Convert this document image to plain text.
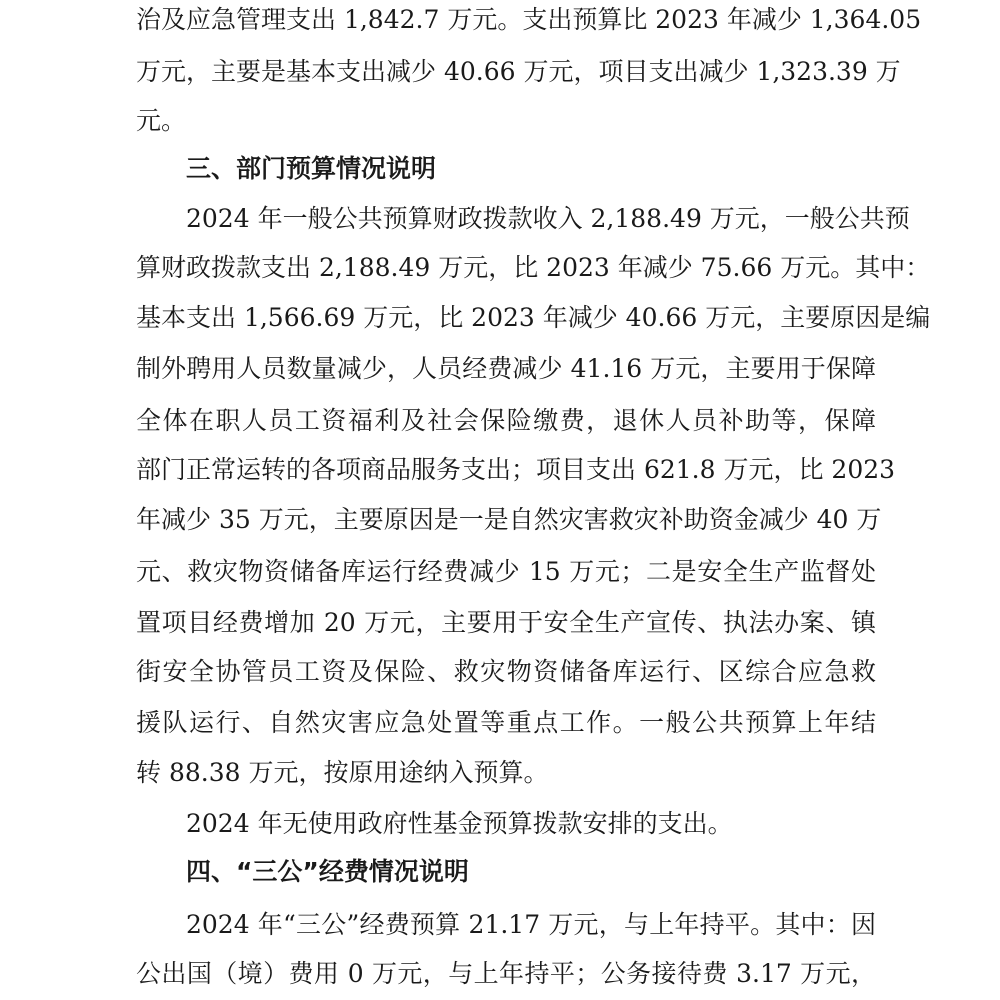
治及应急管理支出 1,842.7 万元。支出预算比 2023 年减少 1,364.05
万元，主要是基本支出减少 40.66 万元，项目支出减少 1,323.39 万
元。
三、部门预算情况说明
2024 年一般公共预算财政拨款收入 2,188.49 万元，一般公共预
算财政拨款支出 2,188.49 万元，比 2023 年减少 75.66 万元。其中：
基本支出 1,566.69 万元，比 2023 年减少 40.66 万元，主要原因是编
制外聘用人员数量减少，人员经费减少 41.16 万元，主要用于保障
全体在职人员工资福利及社会保险缴费，退休人员补助等，保障
部门正常运转的各项商品服务支出；项目支出 621.8 万元，比 2023
年减少 35 万元，主要原因是一是自然灾害救灾补助资金减少 40 万
元、救灾物资储备库运行经费减少 15 万元；二是安全生产监督处
置项目经费增加 20 万元，主要用于安全生产宣传、执法办案、镇
街安全协管员工资及保险、救灾物资储备库运行、区综合应急救
援队运行、自然灾害应急处置等重点工作。一般公共预算上年结
转 88.38 万元，按原用途纳入预算。
2024 年无使用政府性基金预算拨款安排的支出。
四、“三公”经费情况说明
2024 年“三公”经费预算 21.17 万元，与上年持平。其中：因
公出国（境）费用 0 万元，与上年持平；公务接待费 3.17 万元，
